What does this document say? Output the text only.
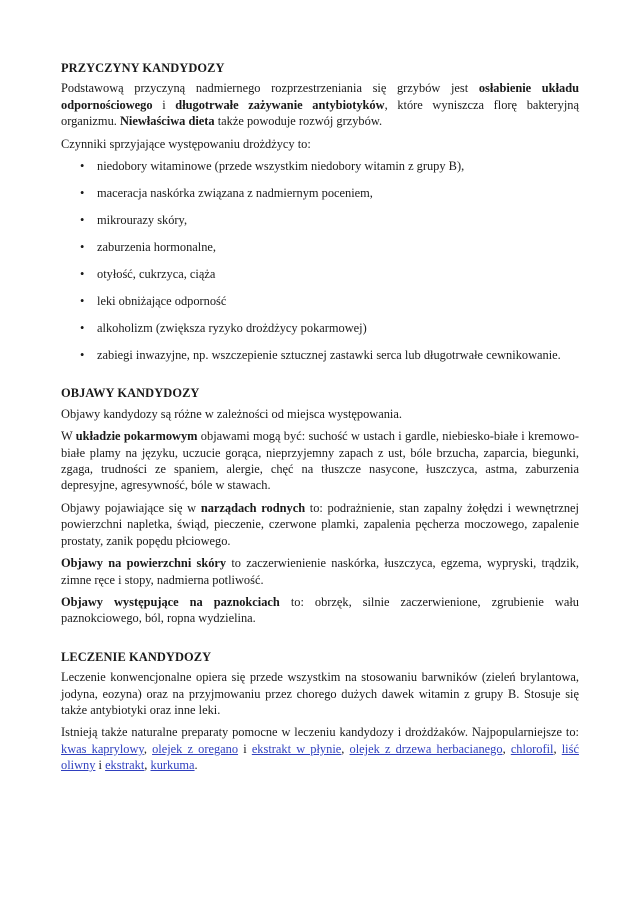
PRZYCZYNY KANDYDOZY

Podstawową przyczyną nadmiernego rozprzestrzeniania się grzybów jest osłabienie układu odpornościowego i długotrwałe zażywanie antybiotyków, które wyniszcza florę bakteryjną organizmu. Niewłaściwa dieta także powoduje rozwój grzybów.

Czynniki sprzyjające występowaniu drożdżycy to:

• niedobory witaminowe (przede wszystkim niedobory witamin z grupy B),
• maceracja naskórka związana z nadmiernym poceniem,
• mikrourazy skóry,
• zaburzenia hormonalne,
• otyłość, cukrzyca, ciąża
• leki obniżające odporność
• alkoholizm (zwiększa ryzyko drożdżycy pokarmowej)
• zabiegi inwazyjne, np. wszczepienie sztucznej zastawki serca lub długotrwałe cewnikowanie.
OBJAWY KANDYDOZY

Objawy kandydozy są różne w zależności od miejsca występowania.

W układzie pokarmowym objawami mogą być: suchość w ustach i gardle, niebiesko-białe i kremowo-białe plamy na języku, uczucie gorąca, nieprzyjemny zapach z ust, bóle brzucha, zaparcia, biegunki, zgaga, trudności ze spaniem, alergie, chęć na tłuszcze nasycone, łuszczyca, astma, zaburzenia depresyjne, agresywność, bóle w stawach.

Objawy pojawiające się w narządach rodnych to: podrażnienie, stan zapalny żołędzi i wewnętrznej powierzchni napletka, świąd, pieczenie, czerwone plamki, zapalenia pęcherza moczowego, zapalenie prostaty, zanik popędu płciowego.

Objawy na powierzchni skóry to zaczerwienienie naskórka, łuszczyca, egzema, wypryski, trądzik, zimne ręce i stopy, nadmierna potliwość.

Objawy występujące na paznokciach to: obrzęk, silnie zaczerwienione, zgrubienie wału paznokciowego, ból, ropna wydzielina.

LECZENIE KANDYDOZY

Leczenie konwencjonalne opiera się przede wszystkim na stosowaniu barwników (zieleń brylantowa, jodyna, eozyna) oraz na przyjmowaniu przez chorego dużych dawek witamin z grupy B. Stosuje się także antybiotyki oraz inne leki.

Istnieją także naturalne preparaty pomocne w leczeniu kandydozy i drożdżaków. Najpopularniejsze to: kwas kaprylowy, olejek z oregano i ekstrakt w płynie, olejek z drzewa herbacianego, chlorofil, liść oliwny i ekstrakt, kurkuma.
